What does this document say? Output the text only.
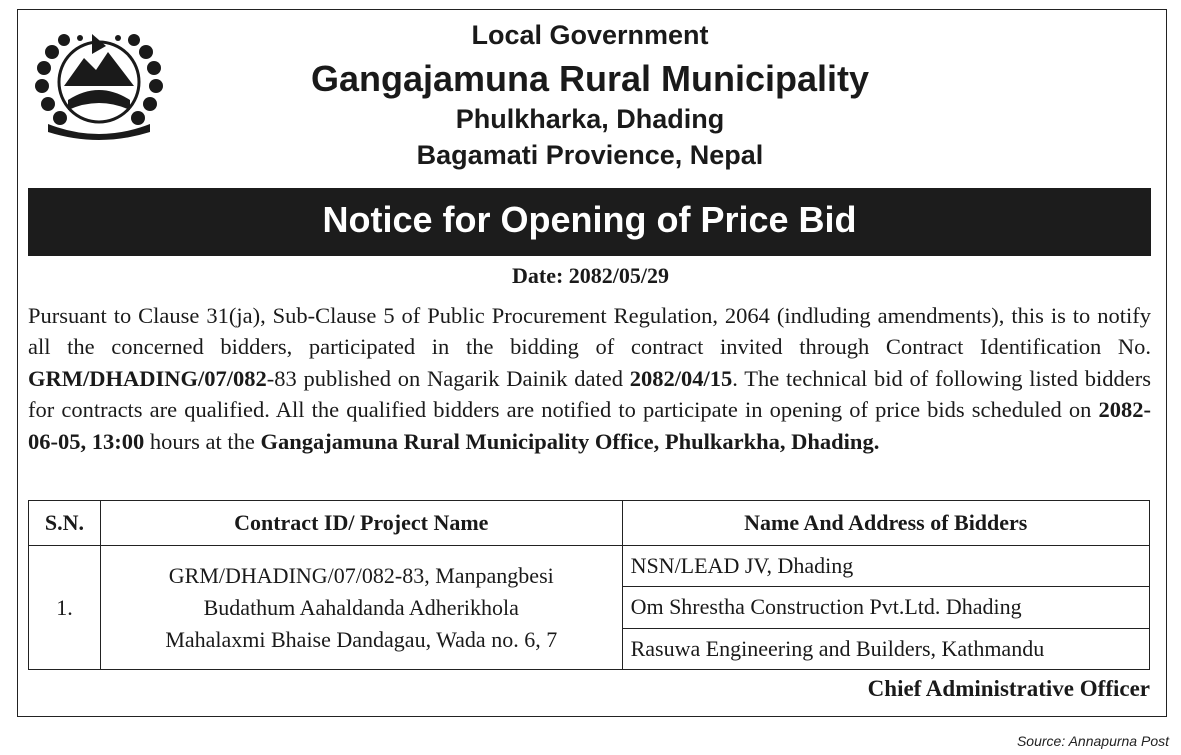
नेपाल सरकार
Local Government
Gangajamuna Rural Municipality
Phulkharka, Dhading
Bagamati Provience, Nepal
Notice for Opening of Price Bid
Date: 2082/05/29

Pursuant to Clause 31(ja), Sub-Clause 5 of Public Procurement Regulation, 2064 (indluding amendments), this is to notify all the concerned bidders, participated in the bidding of contract invited through Contract Identification No. GRM/DHADING/07/082-83 published on Nagarik Dainik dated 2082/04/15. The technical bid of following listed bidders for contracts are qualified. All the qualified bidders are notified to participate in opening of price bids scheduled on 2082-06-05, 13:00 hours at the Gangajamuna Rural Municipality Office, Phulkarkha, Dhading.

S.N.	Contract ID/ Project Name	Name And Address of Bidders
1.	GRM/DHADING/07/082-83, Manpangbesi
Budathum Aahaldanda Adherikhola
Mahalaxmi Bhaise Dandagau, Wada no. 6, 7	NSN/LEAD JV, Dhading
		Om Shrestha Construction Pvt.Ltd. Dhading
		Rasuwa Engineering and Builders, Kathmandu
Chief Administrative Officer
Source: Annapurna Post
